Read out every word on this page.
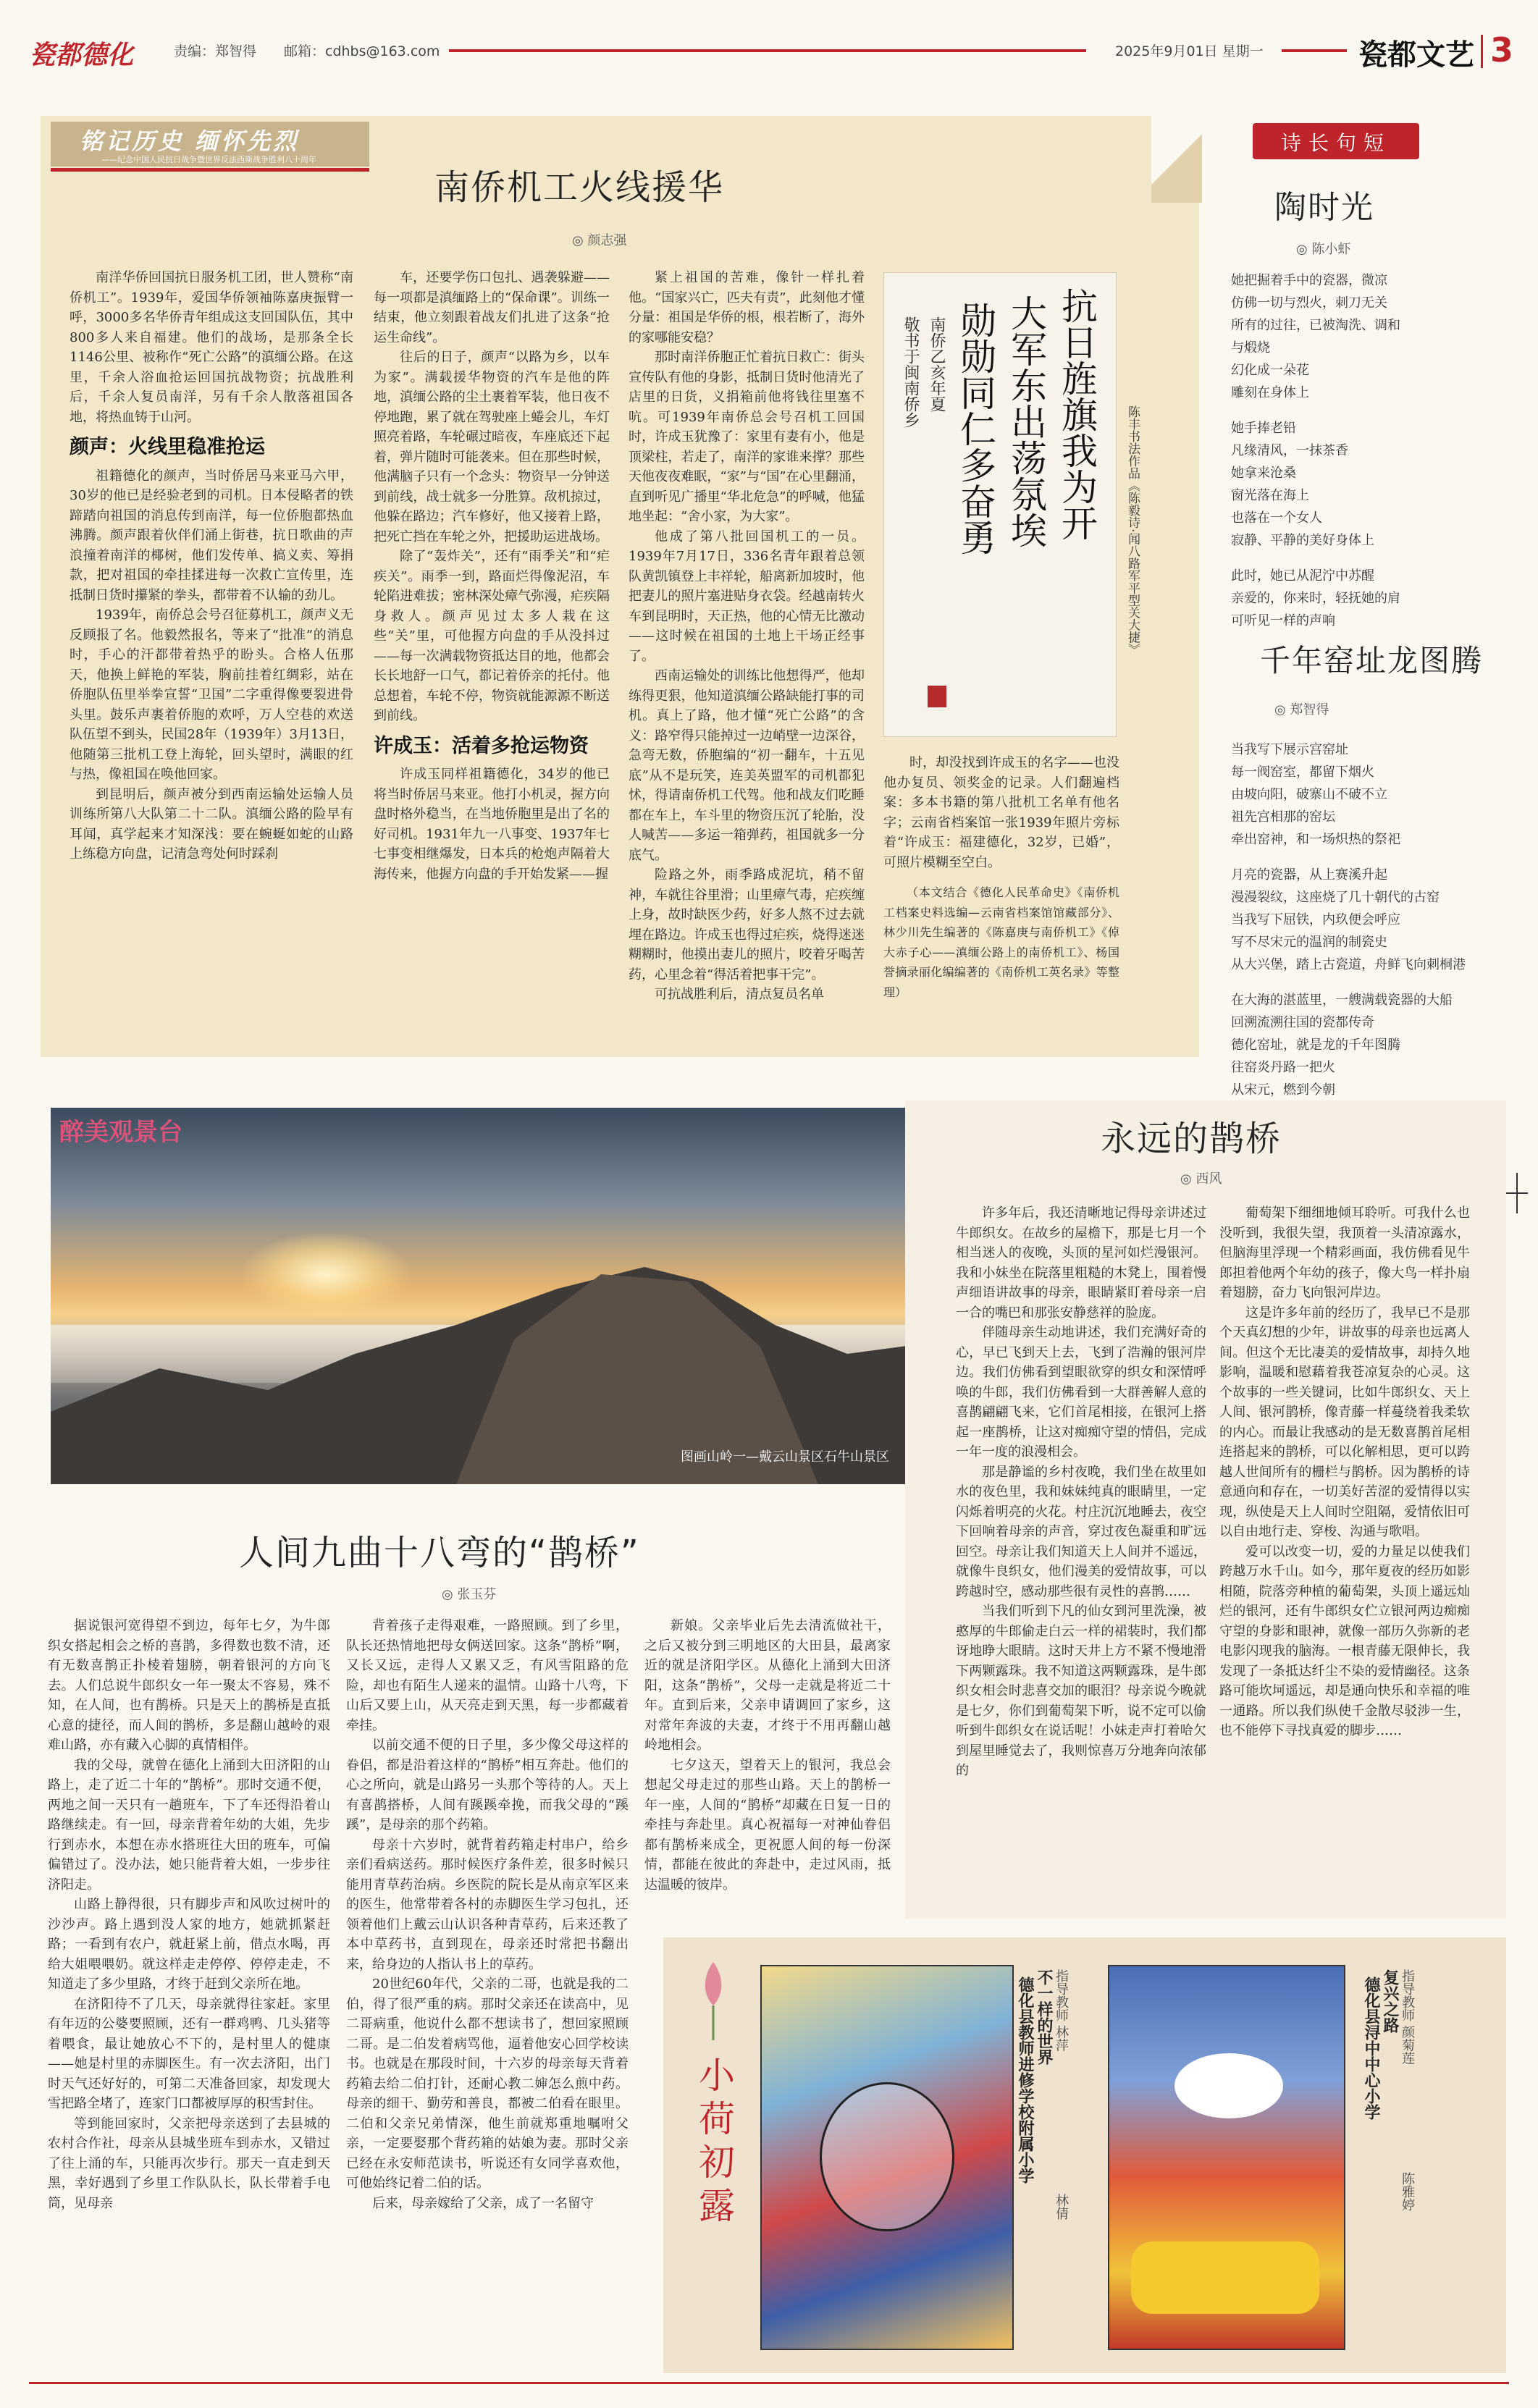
瓷都德化	责编：郑智得 邮箱：cdhbs@163.com	2025年9月01日 星期一	瓷都文艺 3
铭记历史 缅怀先烈
——纪念中国人民抗日战争暨世界反法西斯战争胜利八十周年
南侨机工火线援华
◎ 颜志强

南洋华侨回国抗日服务机工团，世人赞称“南侨机工”。1939年，爱国华侨领袖陈嘉庚振臂一呼，3000多名华侨青年组成这支回国队伍，其中800多人来自福建。他们的战场，是那条全长1146公里、被称作“死亡公路”的滇缅公路。在这里，千余人浴血抢运回国抗战物资；抗战胜利后，千余人复员南洋，另有千余人散落祖国各地，将热血铸于山河。

颜声：火线里稳准抢运

祖籍德化的颜声，当时侨居马来亚马六甲，30岁的他已是经验老到的司机。日本侵略者的铁蹄踏向祖国的消息传到南洋，每一位侨胞都热血沸腾。颜声跟着伙伴们涌上街巷，抗日歌曲的声浪撞着南洋的椰树，他们发传单、搞义卖、筹捐款，把对祖国的牵挂揉进每一次救亡宣传里，连抵制日货时攥紧的拳头，都带着不认输的劲儿。

1939年，南侨总会号召征募机工，颜声义无反顾报了名。他毅然报名，等来了“批准”的消息时，手心的汗都带着热乎的盼头。合格人伍那天，他换上鲜艳的军装，胸前挂着红绸彩，站在侨胞队伍里举拳宣誓“卫国”二字重得像要裂进骨头里。鼓乐声裹着侨胞的欢呼，万人空巷的欢送队伍望不到头，民国28年（1939年）3月13日，他随第三批机工登上海轮，回头望时，满眼的红与热，像祖国在唤他回家。

到昆明后，颜声被分到西南运输处运输人员训练所第八大队第二十二队。滇缅公路的险早有耳闻，真学起来才知深浅：要在蜿蜒如蛇的山路上练稳方向盘，记清急弯处何时踩刹

车，还要学伤口包扎、遇袭躲避——每一项都是滇缅路上的“保命课”。训练一结束，他立刻跟着战友们扎进了这条“抢运生命线”。

往后的日子，颜声“以路为乡，以车为家”。满载援华物资的汽车是他的阵地，滇缅公路的尘土裹着军装，他日夜不停地跑，累了就在驾驶座上蜷会儿，车灯照亮着路，车轮碾过暗夜，车座底还下起着，弹片随时可能袭来。但在那些时候，他满脑子只有一个念头：物资早一分钟送到前线，战士就多一分胜算。敌机掠过，他躲在路边；汽车修好，他又接着上路，把死亡挡在车轮之外，把援助运进战场。

除了“轰炸关”，还有“雨季关”和“疟疾关”。雨季一到，路面烂得像泥沼，车轮陷进难拔；密林深处瘴气弥漫，疟疾隔身救人。颜声见过太多人栽在这些“关”里，可他握方向盘的手从没抖过——每一次满载物资抵达目的地，他都会长长地舒一口气，都记着侨亲的托付。他总想着，车轮不停，物资就能源源不断送到前线。

许成玉：活着多抢运物资

许成玉同样祖籍德化，34岁的他已将当时侨居马来亚。他打小机灵，握方向盘时格外稳当，在当地侨胞里是出了名的好司机。1931年九一八事变、1937年七七事变相继爆发，日本兵的枪炮声隔着大海传来，他握方向盘的手开始发紧——握

紧上祖国的苦难，像针一样扎着他。“国家兴亡，匹夫有责”，此刻他才懂分量：祖国是华侨的根，根若断了，海外的家哪能安稳？

那时南洋侨胞正忙着抗日救亡：街头宣传队有他的身影，抵制日货时他清光了店里的日货，义捐箱前他将钱往里塞不吭。可1939年南侨总会号召机工回国时，许成玉犹豫了：家里有妻有小，他是顶梁柱，若走了，南洋的家谁来撑？那些天他夜夜难眠，“家”与“国”在心里翻涌，直到听见广播里“华北危急”的呼喊，他猛地坐起：“舍小家，为大家”。

他成了第八批回国机工的一员。1939年7月17日，336名青年跟着总领队黄凯镇登上丰祥轮，船离新加坡时，他把妻儿的照片塞进贴身衣袋。经越南转火车到昆明时，天正热，他的心情无比激动——这时候在祖国的土地上干场正经事了。

西南运输处的训练比他想得严，他却练得更狠，他知道滇缅公路缺能打事的司机。真上了路，他才懂“死亡公路”的含义：路窄得只能掉过一边峭壁一边深谷，急弯无数，侨胞编的“初一翻车，十五见底”从不是玩笑，连美英盟军的司机都犯怵，得请南侨机工代驾。他和战友们吃睡都在车上，车斗里的物资压沉了轮胎，没人喊苦——多运一箱弹药，祖国就多一分底气。

险路之外，雨季路成泥坑，稍不留神，车就往谷里滑；山里瘴气毒，疟疾缠上身，故时缺医少药，好多人熬不过去就埋在路边。许成玉也得过疟疾，烧得迷迷糊糊时，他摸出妻儿的照片，咬着牙喝苦药，心里念着“得活着把事干完”。

可抗战胜利后，清点复员名单

抗日旌旗我为开
大军东出荡氛埃
勋勋同仁多奋勇
南侨乙亥年夏
敬书于闽南侨乡
陈丰书法作品《陈毅诗·闻八路军平型关大捷》

时，却没找到许成玉的名字——也没他办复员、领奖金的记录。人们翻遍档案：多本书籍的第八批机工名单有他名字；云南省档案馆一张1939年照片旁标着“许成玉：福建德化，32岁，已婚”，可照片模糊至空白。

（本文结合《德化人民革命史》《南侨机工档案史料选编—云南省档案馆馆藏部分》、林少川先生编著的《陈嘉庚与南侨机工》《倬大赤子心——滇缅公路上的南侨机工》、杨国誉摘录丽化编编著的《南侨机工英名录》等整理）

诗长句短
陶时光
◎ 陈小虾
她把掘着手中的瓷器，微凉
仿佛一切与烈火，刺刀无关
所有的过往，已被淘洗、调和
与煅烧
幻化成一朵花
雕刻在身体上
她手捧老铅
凡缘清风，一抹茶香
她拿来沧桑
窗光落在海上
也落在一个女人
寂静、平静的美好身体上
此时，她已从泥泞中苏醒
亲爱的，你来时，轻抚她的肩
可听见一样的声响
千年窑址龙图腾
◎ 郑智得
当我写下展示宫窑址
每一阀窑室，都留下烟火
由坡向阳，破寨山不破不立
祖先宫相那的窑坛
牵出窑神，和一场炽热的祭祀
月亮的瓷器，从上赛溪升起
漫漫裂纹，这座烧了几十朝代的古窑
当我写下屈铁，内玖便会呼应
写不尽宋元的温润的制瓷史
从大兴堡，踏上古瓷道，舟鲜飞向刺桐港
在大海的湛蓝里，一艘满载瓷器的大船
回溯流溯往国的瓷都传奇
德化窑址，就是龙的千年图腾
往窑炎丹路一把火
从宋元，燃到今朝
醉美观景台
图画山岭一—戴云山景区石牛山景区
人间九曲十八弯的“鹊桥”
◎ 张玉芬

据说银河宽得望不到边，每年七夕，为牛郎织女搭起相会之桥的喜鹊，多得数也数不清，还有无数喜鹊正扑棱着翅膀，朝着银河的方向飞去。人们总说牛郎织女一年一聚太不容易，殊不知，在人间，也有鹊桥。只是天上的鹊桥是直抵心意的捷径，而人间的鹊桥，多是翻山越岭的艰难山路，亦有藏入心脚的真情相伴。

我的父母，就曾在德化上涌到大田济阳的山路上，走了近二十年的“鹊桥”。那时交通不便，两地之间一天只有一趟班车，下了车还得沿着山路继续走。有一回，母亲背着年幼的大姐，先步行到赤水，本想在赤水搭班往大田的班车，可偏偏错过了。没办法，她只能背着大姐，一步步往济阳走。

山路上静得很，只有脚步声和风吹过树叶的沙沙声。路上遇到没人家的地方，她就抓紧赶路；一看到有农户，就赶紧上前，借点水喝，再给大姐喂喂奶。就这样走走停停、停停走走，不知道走了多少里路，才终于赶到父亲所在地。

在济阳待不了几天，母亲就得往家赶。家里有年迈的公婆要照顾，还有一群鸡鸭、几头猪等着喂食，最让她放心不下的，是村里人的健康——她是村里的赤脚医生。有一次去济阳，出门时天气还好好的，可第二天准备回家，却发现大雪把路全堵了，连家门口都被厚厚的积雪封住。

等到能回家时，父亲把母亲送到了去县城的农村合作社，母亲从县城坐班车到赤水，又错过了往上涌的车，只能再次步行。那天一直走到天黑，幸好遇到了乡里工作队队长，队长带着手电筒，见母亲

背着孩子走得艰难，一路照顾。到了乡里，队长还热情地把母女俩送回家。这条“鹊桥”啊，又长又远，走得人又累又乏，有风雪阻路的危险，却也有陌生人递来的温情。山路十八弯，下山后又要上山，从天亮走到天黑，每一步都藏着牵挂。

以前交通不便的日子里，多少像父母这样的眷侣，都是沿着这样的“鹊桥”相互奔赴。他们的心之所向，就是山路另一头那个等待的人。天上有喜鹊搭桥，人间有蹊蹊牵挽，而我父母的“蹊蹊”，是母亲的那个药箱。

母亲十六岁时，就背着药箱走村串户，给乡亲们看病送药。那时候医疗条件差，很多时候只能用青草药治病。乡医院的院长是从南京军区来的医生，他常带着各村的赤脚医生学习包扎，还领着他们上戴云山认识各种青草药，后来还教了本中草药书，直到现在，母亲还时常把书翻出来，给身边的人指认书上的草药。

20世纪60年代，父亲的二哥，也就是我的二伯，得了很严重的病。那时父亲还在读高中，见二哥病重，他说什么都不想读书了，想回家照顾二哥。是二伯发着病骂他，逼着他安心回学校读书。也就是在那段时间，十六岁的母亲每天背着药箱去给二伯打针，还耐心教二婶怎么煎中药。母亲的细干、勤劳和善良，都被二伯看在眼里。二伯和父亲兄弟情深，他生前就郑重地嘱咐父亲，一定要娶那个背药箱的姑娘为妻。那时父亲已经在永安师范读书，听说还有女同学喜欢他，可他始终记着二伯的话。

后来，母亲嫁给了父亲，成了一名留守

新娘。父亲毕业后先去清流做社干，之后又被分到三明地区的大田县，最离家近的就是济阳学区。从德化上涌到大田济阳，这条“鹊桥”，父母一走就是将近二十年。直到后来，父亲申请调回了家乡，这对常年奔波的夫妻，才终于不用再翻山越岭地相会。

七夕这天，望着天上的银河，我总会想起父母走过的那些山路。天上的鹊桥一年一座，人间的“鹊桥”却藏在日复一日的牵挂与奔赴里。真心祝福每一对神仙眷侣都有鹊桥来成全，更祝愿人间的每一份深情，都能在彼此的奔赴中，走过风雨，抵达温暖的彼岸。

永远的鹊桥
◎ 西风

许多年后，我还清晰地记得母亲讲述过牛郎织女。在故乡的屋檐下，那是七月一个相当迷人的夜晚，头顶的星河如烂漫银河。我和小妹坐在院落里粗糙的木凳上，围着慢声细语讲故事的母亲，眼睛紧盯着母亲一启一合的嘴巴和那张安静慈祥的脸庞。

伴随母亲生动地讲述，我们充满好奇的心，早已飞到天上去，飞到了浩瀚的银河岸边。我们仿佛看到望眼欲穿的织女和深情呼唤的牛郎，我们仿佛看到一大群善解人意的喜鹊翩翩飞来，它们首尾相接，在银河上搭起一座鹊桥，让这对痴痴守望的情侣，完成一年一度的浪漫相会。

那是静谧的乡村夜晚，我们坐在故里如水的夜色里，我和妹妹纯真的眼睛里，一定闪烁着明亮的火花。村庄沉沉地睡去，夜空下回响着母亲的声音，穿过夜色凝重和旷远回空。母亲让我们知道天上人间并不遥远，就像牛良织女，他们漫美的爱情故事，可以跨越时空，感动那些很有灵性的喜鹊……

当我们听到下凡的仙女到河里洗澡，被憨厚的牛郎偷走白云一样的裙装时，我们都讶地睁大眼睛。这时天井上方不紧不慢地滑下两颗露珠。我不知道这两颗露珠，是牛郎织女相会时悲喜交加的眼泪？母亲说今晚就是七夕，你们到葡萄架下听，说不定可以偷听到牛郎织女在说话呢！小妹走声打着哈欠到屋里睡觉去了，我则惊喜万分地奔向浓郁的

葡萄架下细细地倾耳聆听。可我什么也没听到，我很失望，我顶着一头清凉露水，但脑海里浮现一个精彩画面，我仿佛看见牛郎担着他两个年幼的孩子，像大鸟一样扑扇着翅膀，奋力飞向银河岸边。

这是许多年前的经历了，我早已不是那个天真幻想的少年，讲故事的母亲也远离人间。但这个无比凄美的爱情故事，却持久地影响，温暖和慰藉着我苍凉复杂的心灵。这个故事的一些关键词，比如牛郎织女、天上人间、银河鹊桥，像青藤一样蔓绕着我柔软的内心。而最让我感动的是无数喜鹊首尾相连搭起来的鹊桥，可以化解相思，更可以跨越人世间所有的栅栏与鹊桥。因为鹊桥的诗意通向和存在，一切美好苦涩的爱情得以实现，纵使是天上人间时空阻隔，爱情依旧可以自由地行走、穿梭、沟通与歌唱。

爱可以改变一切，爱的力量足以使我们跨越万水千山。如今，那年夏夜的经历如影相随，院落旁种植的葡萄架，头顶上遥远灿烂的银河，还有牛郎织女伫立银河两边痴痴守望的身影和眼神，就像一部历久弥新的老电影闪现我的脑海。一根青藤无限伸长，我发现了一条抵达纤尘不染的爱情幽径。这条路可能坎坷遥远，却是通向快乐和幸福的唯一通路。所以我们纵使千金散尽驳涉一生，也不能停下寻找真爱的脚步……

小荷初露
不一样的世界
德化县教师进修学校附属小学 指导教师 林萍
林倩
复兴之路
德化县浔中中心小学 指导教师 颜菊莲
陈雅婷
